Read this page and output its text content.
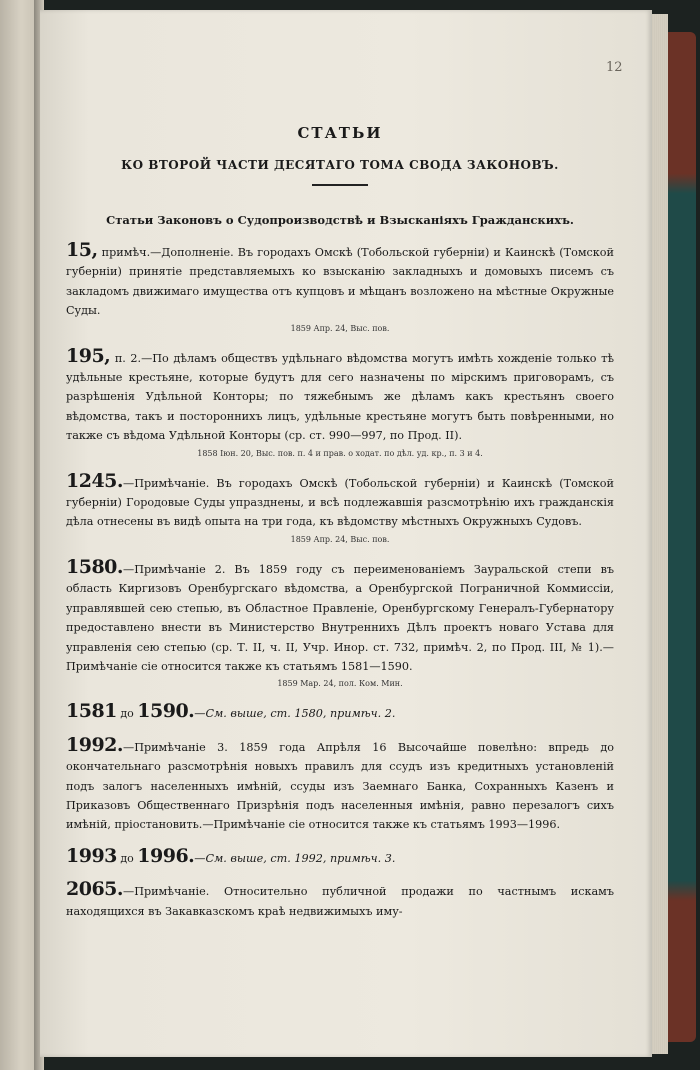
12
СТАТЬИ
КО ВТОРОЙ ЧАСТИ ДЕСЯТАГО ТОМА СВОДА ЗАКОНОВЪ.
Статьи Законовъ о Судопроизводствѣ и Взысканіяхъ Гражданскихъ.

15, примѣч.—Дополненіе. Въ городахъ Омскѣ (Тобольской губерніи) и Каинскѣ (Томской губерніи) принятіе представляемыхъ ко взысканію закладныхъ и домовыхъ писемъ съ закладомъ движимаго имущества отъ купцовъ и мѣщанъ возложено на мѣстные Окружные Суды.

1859 Апр. 24, Выс. пов.

195, п. 2.—По дѣламъ обществъ удѣльнаго вѣдомства могутъ имѣть хожденіе только тѣ удѣльные крестьяне, которые будутъ для сего назначены по мірскимъ приговорамъ, съ разрѣшенія Удѣльной Конторы; по тяжебнымъ же дѣламъ какъ крестьянъ своего вѣдомства, такъ и постороннихъ лицъ, удѣльные крестьяне могутъ быть повѣренными, но также съ вѣдома Удѣльной Конторы (ср. ст. 990—997, по Прод. II).

1858 Іюн. 20, Выс. пов. п. 4 и прав. о ходат. по дѣл. уд. кр., п. 3 и 4.

1245.—Примѣчаніе. Въ городахъ Омскѣ (Тобольской губерніи) и Каинскѣ (Томской губерніи) Городовые Суды упразднены, и всѣ подлежавшія разсмотрѣнію ихъ гражданскія дѣла отнесены въ видѣ опыта на три года, къ вѣдомству мѣстныхъ Окружныхъ Судовъ.

1859 Апр. 24, Выс. пов.

1580.—Примѣчаніе 2. Въ 1859 году съ переименованіемъ Зауральской степи въ область Киргизовъ Оренбургскаго вѣдомства, а Оренбургской Пограничной Коммиссіи, управлявшей сею степью, въ Областное Правленіе, Оренбургскому Генералъ-Губернатору предоставлено внести въ Министерство Внутреннихъ Дѣлъ проектъ новаго Устава для управленія сею степью (ср. Т. II, ч. II, Учр. Инор. ст. 732, примѣч. 2, по Прод. III, № 1).—Примѣчаніе сіе относится также къ статьямъ 1581—1590.

1859 Мар. 24, пол. Ком. Мин.

1581 до 1590.—См. выше, ст. 1580, примѣч. 2.

1992.—Примѣчаніе 3. 1859 года Апрѣля 16 Высочайше повелѣно: впредь до окончательнаго разсмотрѣнія новыхъ правилъ для ссудъ изъ кредитныхъ установленій подъ залогъ населенныхъ имѣній, ссуды изъ Заемнаго Банка, Сохранныхъ Казенъ и Приказовъ Общественнаго Призрѣнія подъ населенныя имѣнія, равно перезалогъ сихъ имѣній, пріостановить.—Примѣчаніе сіе относится также къ статьямъ 1993—1996.

1993 до 1996.—См. выше, ст. 1992, примѣч. 3.

2065.—Примѣчаніе. Относительно публичной продажи по частнымъ искамъ находящихся въ Закавказскомъ краѣ недвижимыхъ иму-
